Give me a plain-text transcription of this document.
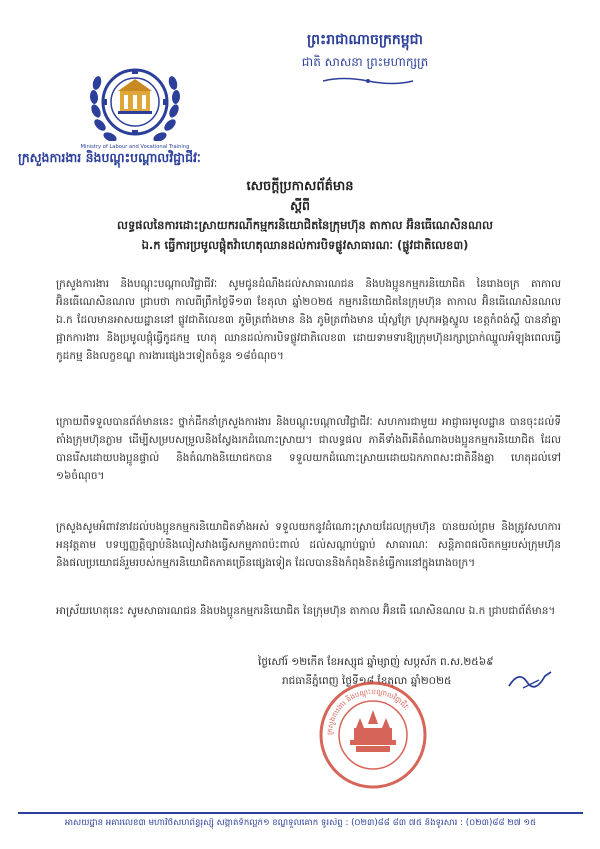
Ministry of Labour and Vocational Training
ព្រះរាជាណាចក្រកម្ពុជា
ជាតិ សាសនា ព្រះមហាក្សត្រ
ក្រសួងការងារ និងបណ្តុះបណ្តាលវិជ្ជាជីវៈ
សេចក្តីប្រកាសព័ត៌មាន
ស្តីពី
លទ្ធផលនៃការដោះស្រាយករណីកម្មករនិយោជិតនៃក្រុមហ៊ុន តាកាល អ៊ិនធើណេសិនណល
ឯ.ក ធ្វើការប្រមូលផ្តុំតវ៉ាហេតុឈានដល់ការបិទផ្លូវសាធារណៈ (ផ្លូវជាតិលេខ៣)
ក្រសួងការងារ និងបណ្តុះបណ្តាលវិជ្ជាជីវៈ សូមជូនដំណឹងដល់សាធារណជន និងបងប្អូនកម្មករនិយោជិត នៃរោងចក្រ តាកាល អ៊ិនធើណេសិនណល ជ្រាបថា កាលពីព្រឹកថ្ងៃទី១៣ ខែតុលា ឆ្នាំ២០២៥ កម្មករនិយោជិតនៃក្រុមហ៊ុន តាកាល អ៊ិនធើណេសិនណល ឯ.ក ដែលមានអាសយដ្ឋាននៅ ផ្លូវជាតិលេខ៣ ភូមិត្រពាំងមាន និង ភូមិត្រពាំងមាន ឃុំស្លក្រែ ស្រុកអង្គស្នួល ខេត្តកំពង់ស្ពឺ បាននាំគ្នាផ្អាកការងារ និងប្រមូលផ្តុំធ្វើកូដកម្ម ហេតុ ឈានដល់ការបិទផ្លូវជាតិលេខ៣ ដោយទាមទារឱ្យក្រុមហ៊ុនរក្សាប្រាក់ឈ្នួលអំឡុងពេលធ្វើកូដកម្ម និងលក្ខខណ្ឌ ការងារផ្សេងៗទៀតចំនួន ១៨ចំណុច។
ក្រោយពីទទួលបានព័ត៌មាននេះ ថ្នាក់ដឹកនាំក្រសួងការងារ និងបណ្តុះបណ្តាលវិជ្ជាជីវៈ សហការជាមួយ អាជ្ញាធរមូលដ្ឋាន បានចុះដល់ទីតាំងក្រុមហ៊ុនភ្លាម ដើម្បីសម្របសម្រួលនិងស្វែងរកដំណោះស្រាយ។ ជាលទ្ធផល ភាគីទាំងពីរគឺតំណាងបងប្អូនកម្មករនិយោជិត ដែលបានរើសដោយបងប្អូនផ្ទាល់ និងតំណាងនិយោជកបាន ទទួលយកដំណោះស្រាយដោយឯកភាពសះជាតិនឹងគ្នា ហេតុដល់ទៅ ១៦ចំណុច។
ក្រសួងសូមអំពាវនាវដល់បងប្អូនកម្មករនិយោជិតទាំងអស់ ទទួលយកនូវដំណោះស្រាយដែលក្រុមហ៊ុន បានយល់ព្រម និងត្រូវសហការអនុវត្តតាម បទប្បញ្ញត្តិច្បាប់និងលៀសវាងធ្វើសកម្មភាពប៉ះពាល់ ដល់សណ្តាប់ធ្នាប់ សាធារណៈ សន្តិភាពផលិតកម្មរបស់ក្រុមហ៊ុន និងផលប្រយោជន៍រួមរបស់កម្មករនិយោជិតភាគច្រើនផ្សេងទៀត ដែលបាននិងកំពុងខិតខំធ្វើការនៅក្នុងរោងចក្រ។
អាស្រ័យហេតុនេះ សូមសាធារណជន និងបងប្អូនកម្មករនិយោជិត នៃក្រុមហ៊ុន តាកាល អ៊ិនធើ ណេសិនណល ឯ.ក ជ្រាបជាព័ត៌មាន។
ថ្ងៃសៅរ៍ ១២កើត ខែអស្សុជ ឆ្នាំម្សាញ់ សប្តស័ក ព.ស.២៥៦៩
រាជធានីភ្នំពេញ ថ្ងៃទី១៨ ខែតុលា ឆ្នាំ២០២៥
ក្រសួងការងារ និងបណ្តុះបណ្តាលវិជ្ជាជីវៈ
អាសយដ្ឋាន អគារលេខ៣ មហាវិថីសហព័ន្ធរុស្ស៊ី សង្កាត់ទឹកល្អក់១ ខណ្ឌទួលគោក ទូរស័ព្ទ : (០២៣)៨៨ ៨៣ ៧៥ និងទូរសារ : (០២៣)៨៨ ២៧ ១៥
